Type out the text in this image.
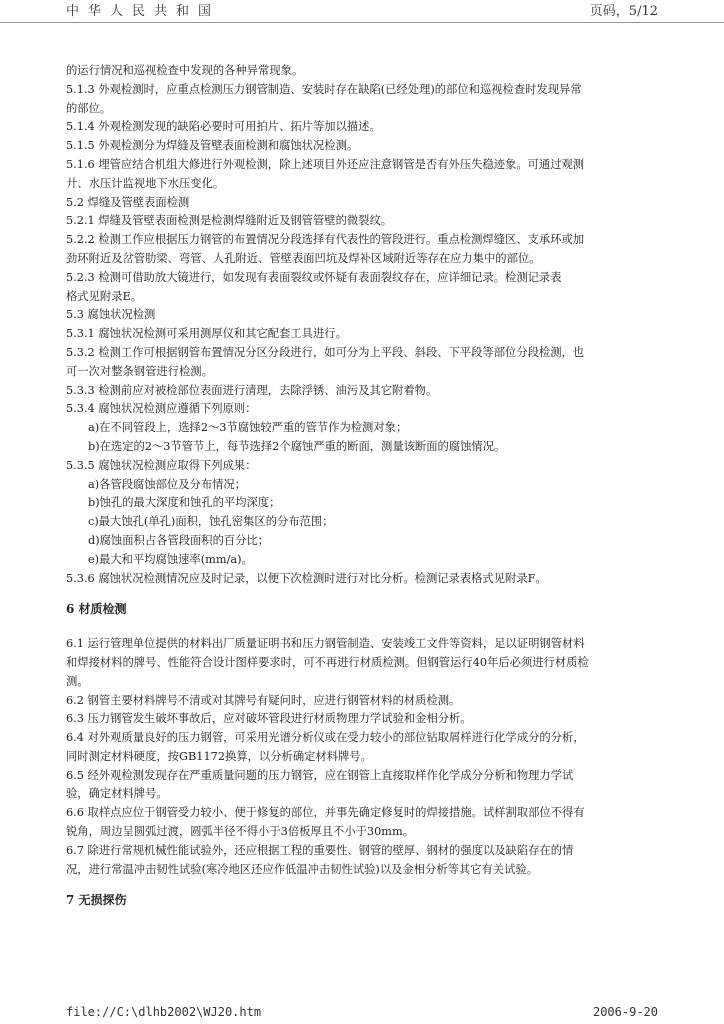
中华人民共和国	页码，5/12
的运行情况和巡视检查中发现的各种异常现象。
5.1.3 外观检测时，应重点检测压力钢管制造、安装时存在缺陷(已经处理)的部位和巡视检查时发现异常
的部位。
5.1.4 外观检测发现的缺陷必要时可用拍片、拓片等加以描述。
5.1.5 外观检测分为焊缝及管壁表面检测和腐蚀状况检测。
5.1.6 埋管应结合机组大修进行外观检测，除上述项目外还应注意钢管是否有外压失稳迹象。可通过观测
廾、水压计监视地下水压变化。
5.2 焊缝及管壁表面检测
5.2.1 焊缝及管壁表面检测是检测焊缝附近及钢管管壁的微裂纹。
5.2.2 检测工作应根据压力钢管的布置情况分段选择有代表性的管段进行。重点检测焊缝区、支承环或加
劲环附近及岔管肋梁、弯管、人孔附近、管壁表面凹坑及焊补区域附近等存在应力集中的部位。
5.2.3 检测可借助放大镜进行，如发现有表面裂纹或怀疑有表面裂纹存在，应详细记录。检测记录表
格式见附录E。
5.3 腐蚀状况检测
5.3.1 腐蚀状况检测可采用测厚仪和其它配套工具进行。
5.3.2 检测工作可根据钢管布置情况分区分段进行，如可分为上平段、斜段、下平段等部位分段检测，也
可一次对整条钢管进行检测。
5.3.3 检测前应对被检部位表面进行清理，去除浮锈、油污及其它附着物。
5.3.4 腐蚀状况检测应遵循下列原则：
a)在不同管段上，选择2～3节腐蚀较严重的管节作为检测对象；
b)在选定的2～3节管节上，每节选择2个腐蚀严重的断面，测量该断面的腐蚀情况。
5.3.5 腐蚀状况检测应取得下列成果：
a)各管段腐蚀部位及分布情况；
b)蚀孔的最大深度和蚀孔的平均深度；
c)最大蚀孔(单孔)面积，蚀孔密集区的分布范围；
d)腐蚀面积占各管段面积的百分比；
e)最大和平均腐蚀速率(mm/a)。
5.3.6 腐蚀状况检测情况应及时记录，以便下次检测时进行对比分析。检测记录表格式见附录F。
6 材质检测
6.1 运行管理单位提供的材料出厂质量证明书和压力钢管制造、安装竣工文件等资料，足以证明钢管材料
和焊接材料的牌号、性能符合设计图样要求时，可不再进行材质检测。但钢管运行40年后必须进行材质检
测。
6.2 钢管主要材料牌号不清或对其牌号有疑问时，应进行钢管材料的材质检测。
6.3 压力钢管发生破坏事故后，应对破坏管段进行材质物理力学试验和金相分析。
6.4 对外观质量良好的压力钢管，可采用光谱分析仪或在受力较小的部位钻取屑样进行化学成分的分析，
同时测定材料硬度，按GB1172换算，以分析确定材料牌号。
6.5 经外观检测发现存在严重质量问题的压力钢管，应在钢管上直接取样作化学成分分析和物理力学试
验，确定材料牌号。
6.6 取样点应位于钢管受力较小、便于修复的部位，并事先确定修复时的焊接措施。试样割取部位不得有
锐角，周边呈圆弧过渡，圆弧半径不得小于3倍板厚且不小于30mm。
6.7 除进行常规机械性能试验外，还应根据工程的重要性、钢管的壁厚、钢材的强度以及缺陷存在的情
况，进行常温冲击韧性试验(寒冷地区还应作低温冲击韧性试验)以及金相分析等其它有关试验。
7 无损探伤
file://C:\dlhb2002\WJ20.htm	2006-9-20
